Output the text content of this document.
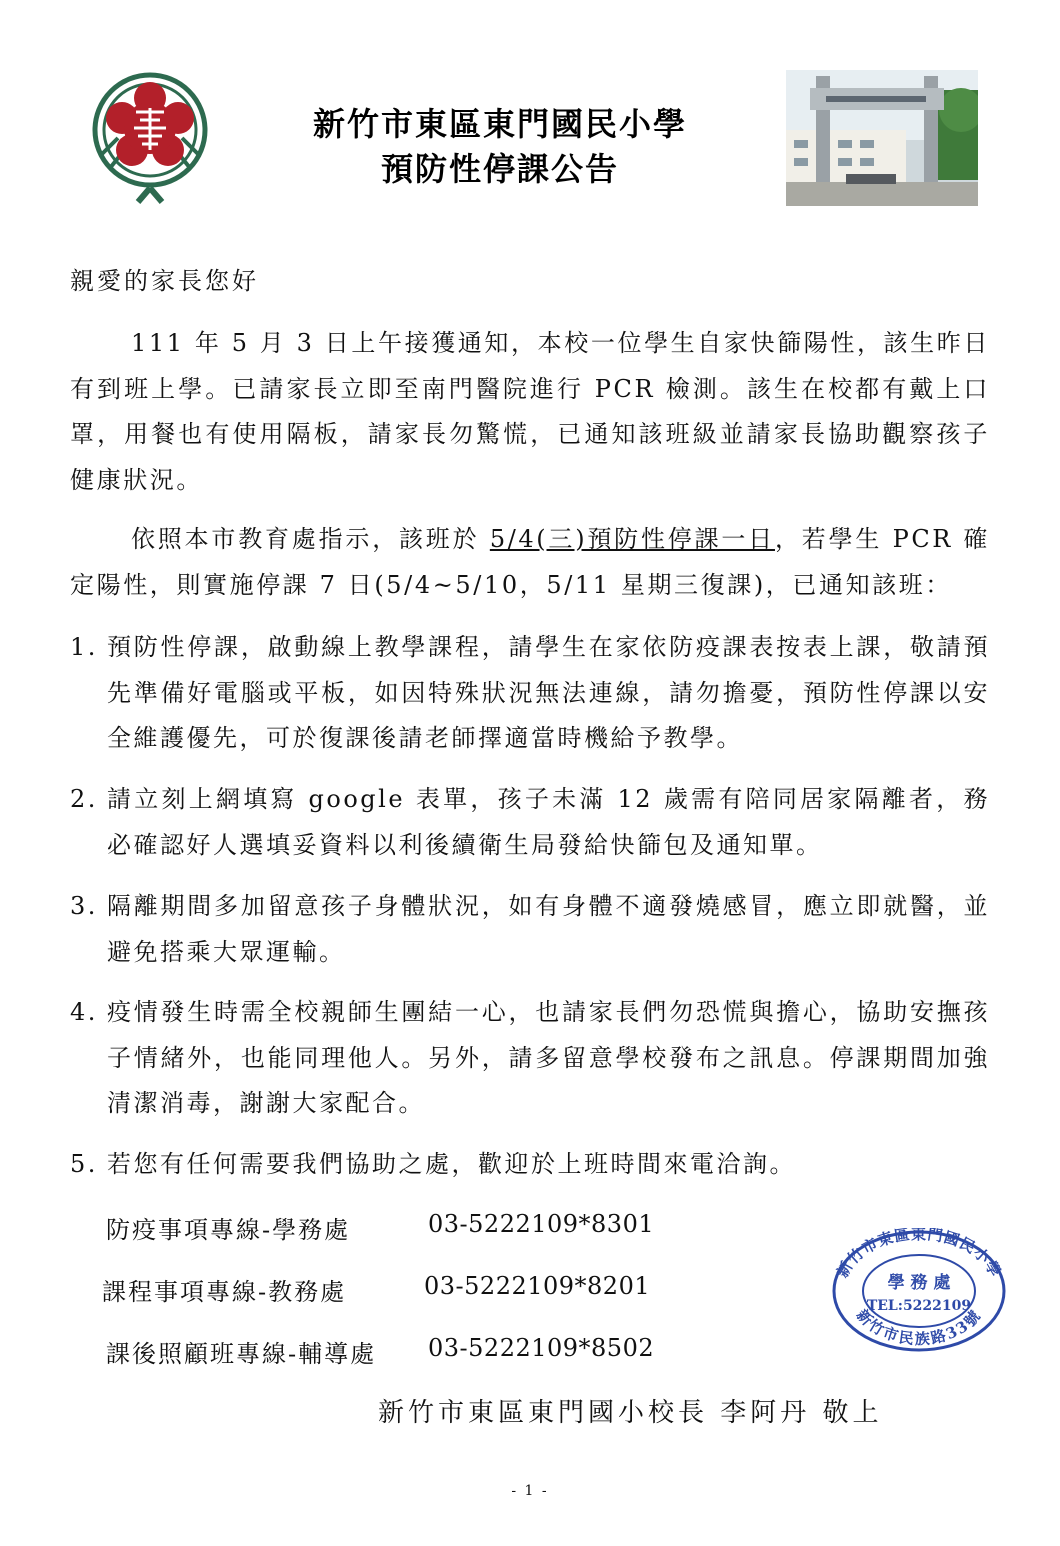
新竹市東區東門國民小學
預防性停課公告
親愛的家長您好

111 年 5 月 3 日上午接獲通知，本校一位學生自家快篩陽性，該生昨日有到班上學。已請家長立即至南門醫院進行 PCR 檢測。該生在校都有戴上口罩，用餐也有使用隔板，請家長勿驚慌，已通知該班級並請家長協助觀察孩子健康狀況。

依照本市教育處指示，該班於 5/4(三)預防性停課一日，若學生 PCR 確定陽性，則實施停課 7 日(5/4~5/10，5/11 星期三復課)，已通知該班：

1. 預防性停課，啟動線上教學課程，請學生在家依防疫課表按表上課，敬請預先準備好電腦或平板，如因特殊狀況無法連線，請勿擔憂，預防性停課以安全維護優先，可於復課後請老師擇適當時機給予教學。
2. 請立刻上網填寫 google 表單，孩子未滿 12 歲需有陪同居家隔離者，務必確認好人選填妥資料以利後續衛生局發給快篩包及通知單。
3. 隔離期間多加留意孩子身體狀況，如有身體不適發燒感冒，應立即就醫，並避免搭乘大眾運輸。
4. 疫情發生時需全校親師生團結一心，也請家長們勿恐慌與擔心，協助安撫孩子情緒外，也能同理他人。另外，請多留意學校發布之訊息。停課期間加強清潔消毒，謝謝大家配合。
5. 若您有任何需要我們協助之處，歡迎於上班時間來電洽詢。
防疫事項專線-學務處	03-5222109*8301
課程事項專線-教務處	03-5222109*8201
課後照顧班專線-輔導處 03-5222109*8502
新竹市東區東門國民小學
新竹市民族路33號
學 務 處
TEL:5222109
新竹市東區東門國小校長 李阿丹 敬上
- 1 -
